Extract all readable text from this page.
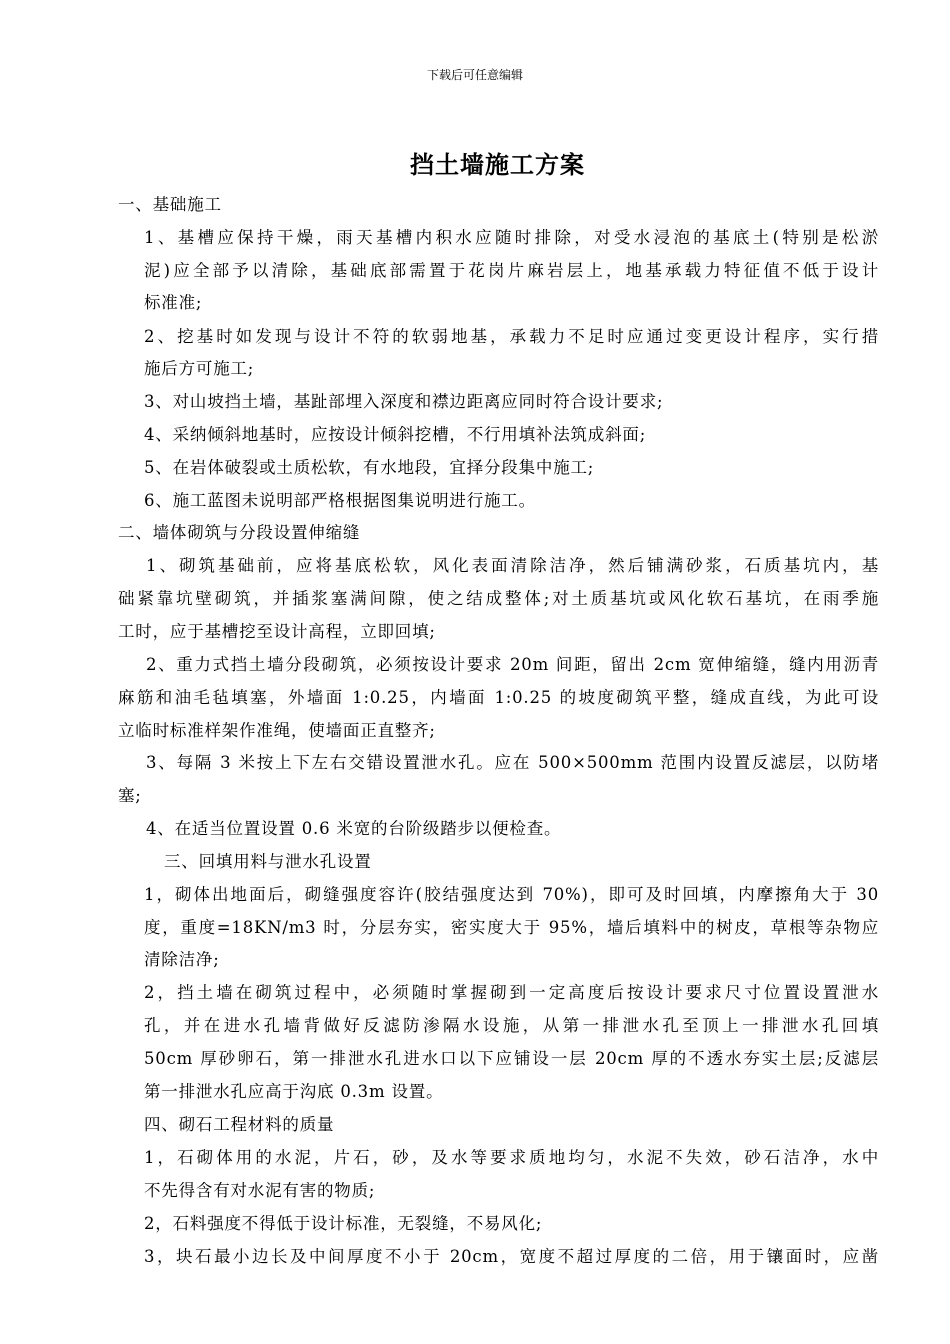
下载后可任意编辑
挡土墙施工方案
一、基础施工
1、基槽应保持干燥，雨天基槽内积水应随时排除，对受水浸泡的基底土(特别是松淤
泥)应全部予以清除，基础底部需置于花岗片麻岩层上，地基承载力特征值不低于设计
标准准;
2、挖基时如发现与设计不符的软弱地基，承载力不足时应通过变更设计程序，实行措
施后方可施工;
3、对山坡挡土墙，基趾部埋入深度和襟边距离应同时符合设计要求;
4、采纳倾斜地基时，应按设计倾斜挖槽，不行用填补法筑成斜面;
5、在岩体破裂或土质松软，有水地段，宜择分段集中施工;
6、施工蓝图未说明部严格根据图集说明进行施工。
二、墙体砌筑与分段设置伸缩缝
1、砌筑基础前，应将基底松软，风化表面清除洁净，然后铺满砂浆，石质基坑内，基
础紧靠坑壁砌筑，并插浆塞满间隙，使之结成整体;对土质基坑或风化软石基坑，在雨季施
工时，应于基槽挖至设计高程，立即回填;
2、重力式挡土墙分段砌筑，必须按设计要求 20m 间距，留出 2cm 宽伸缩缝，缝内用沥青
麻筋和油毛毡填塞，外墙面 1:0.25，内墙面 1:0.25 的坡度砌筑平整，缝成直线，为此可设
立临时标准样架作准绳，使墙面正直整齐;
3、每隔 3 米按上下左右交错设置泄水孔。应在 500×500mm 范围内设置反滤层，以防堵
塞;
4、在适当位置设置 0.6 米宽的台阶级踏步以便检查。
三、回填用料与泄水孔设置
1，砌体出地面后，砌缝强度容许(胶结强度达到 70%)，即可及时回填，内摩擦角大于 30
度，重度=18KN/m3 时，分层夯实，密实度大于 95%，墙后填料中的树皮，草根等杂物应
清除洁净;
2，挡土墙在砌筑过程中，必须随时掌握砌到一定高度后按设计要求尺寸位置设置泄水
孔，并在进水孔墙背做好反滤防渗隔水设施，从第一排泄水孔至顶上一排泄水孔回填
50cm 厚砂卵石，第一排泄水孔进水口以下应铺设一层 20cm 厚的不透水夯实土层;反滤层
第一排泄水孔应高于沟底 0.3m 设置。
四、砌石工程材料的质量
1，石砌体用的水泥，片石，砂，及水等要求质地均匀，水泥不失效，砂石洁净，水中
不先得含有对水泥有害的物质;
2，石料强度不得低于设计标准，无裂缝，不易风化;
3，块石最小边长及中间厚度不小于 20cm，宽度不超过厚度的二倍，用于镶面时，应凿
